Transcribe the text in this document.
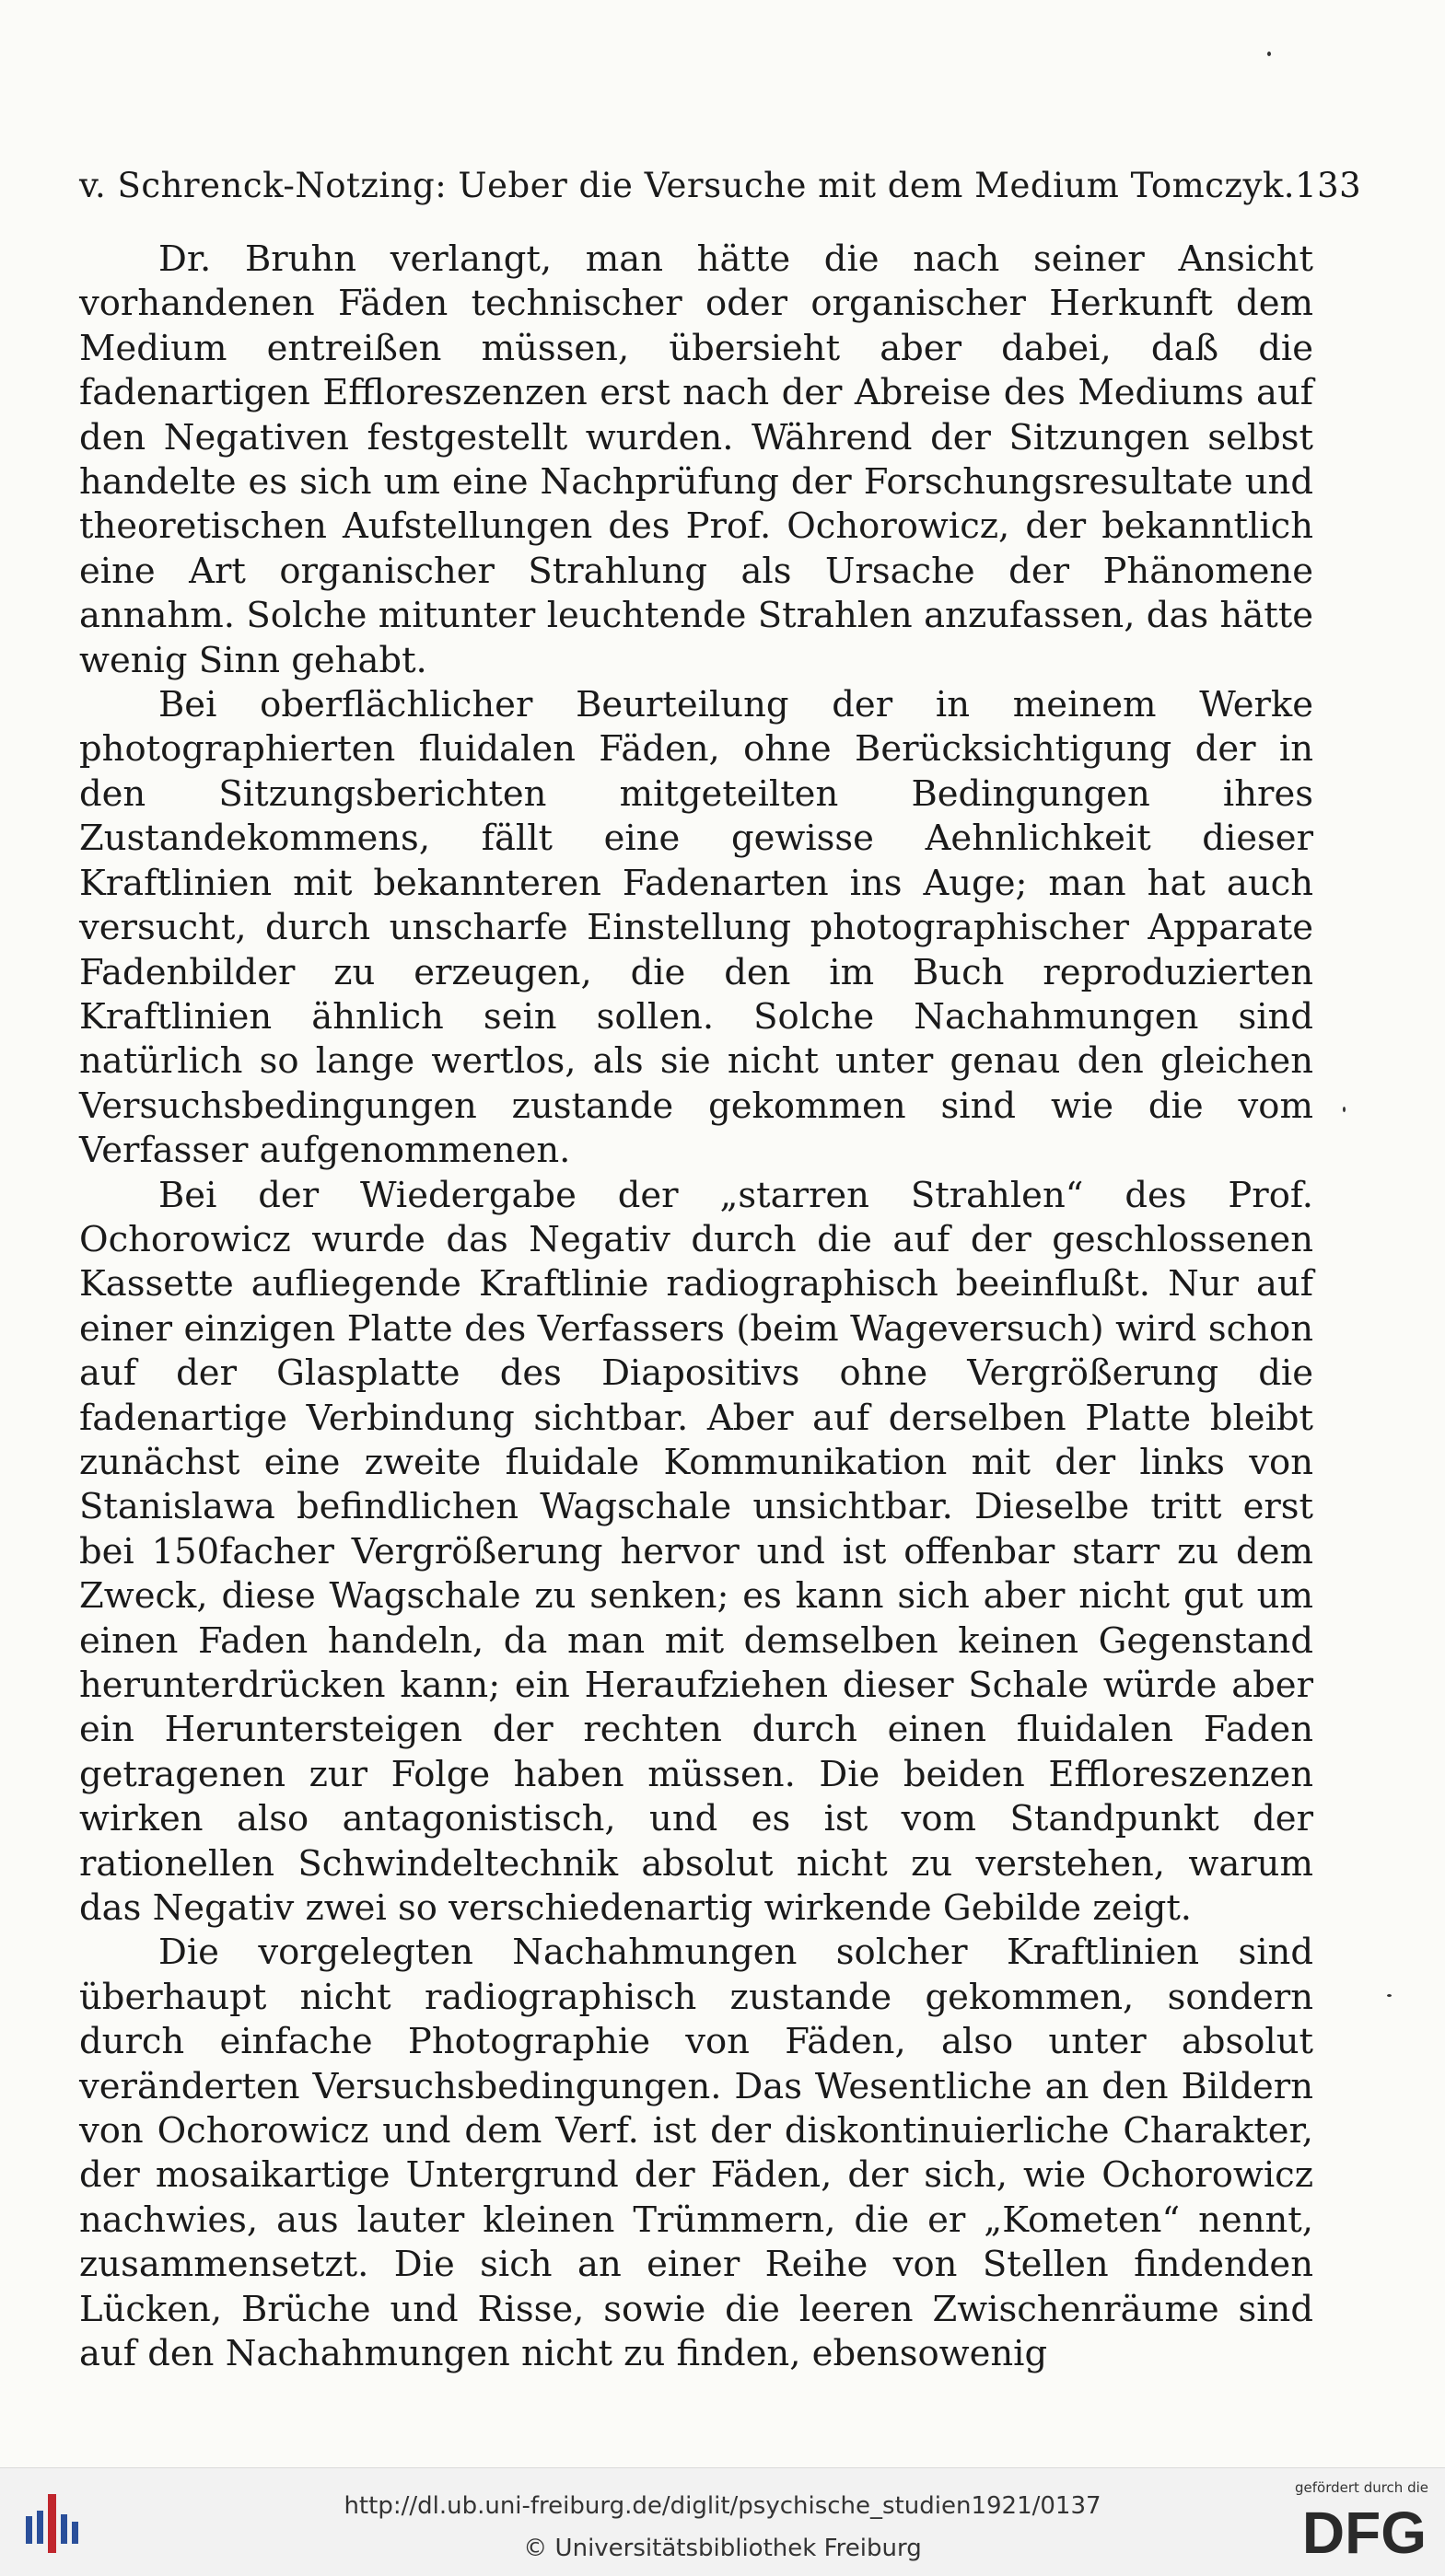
v. Schrenck-Notzing: Ueber die Versuche mit dem Medium Tomczyk. 133

Dr. Bruhn verlangt, man hätte die nach seiner Ansicht vorhandenen Fäden technischer oder organischer Herkunft dem Medium entreißen müssen, übersieht aber dabei, daß die fadenartigen Effloreszenzen erst nach der Abreise des Mediums auf den Negativen festgestellt wurden. Während der Sitzungen selbst handelte es sich um eine Nachprüfung der Forschungsresultate und theoretischen Aufstellungen des Prof. Ochorowicz, der bekanntlich eine Art organischer Strahlung als Ursache der Phänomene annahm. Solche mitunter leuchtende Strahlen anzufassen, das hätte wenig Sinn gehabt.

Bei oberflächlicher Beurteilung der in meinem Werke photographierten fluidalen Fäden, ohne Berücksichtigung der in den Sitzungsberichten mitgeteilten Bedingungen ihres Zustandekommens, fällt eine gewisse Aehnlichkeit dieser Kraftlinien mit bekannteren Fadenarten ins Auge; man hat auch versucht, durch unscharfe Einstellung photographischer Apparate Fadenbilder zu erzeugen, die den im Buch reproduzierten Kraftlinien ähnlich sein sollen. Solche Nachahmungen sind natürlich so lange wertlos, als sie nicht unter genau den gleichen Versuchsbedingungen zustande gekommen sind wie die vom Verfasser aufgenommenen.

Bei der Wiedergabe der „starren Strahlen“ des Prof. Ochorowicz wurde das Negativ durch die auf der geschlossenen Kassette aufliegende Kraftlinie radiographisch beeinflußt. Nur auf einer einzigen Platte des Verfassers (beim Wageversuch) wird schon auf der Glasplatte des Diapositivs ohne Vergrößerung die fadenartige Verbindung sichtbar. Aber auf derselben Platte bleibt zunächst eine zweite fluidale Kommunikation mit der links von Stanislawa befindlichen Wagschale unsichtbar. Dieselbe tritt erst bei 150facher Vergrößerung hervor und ist offenbar starr zu dem Zweck, diese Wagschale zu senken; es kann sich aber nicht gut um einen Faden handeln, da man mit demselben keinen Gegenstand herunterdrücken kann; ein Heraufziehen dieser Schale würde aber ein Heruntersteigen der rechten durch einen fluidalen Faden getragenen zur Folge haben müssen. Die beiden Effloreszenzen wirken also antagonistisch, und es ist vom Standpunkt der rationellen Schwindeltechnik absolut nicht zu verstehen, warum das Negativ zwei so verschiedenartig wirkende Gebilde zeigt.

Die vorgelegten Nachahmungen solcher Kraftlinien sind überhaupt nicht radiographisch zustande gekommen, sondern durch einfache Photographie von Fäden, also unter absolut veränderten Versuchsbedingungen. Das Wesentliche an den Bildern von Ochorowicz und dem Verf. ist der diskontinuierliche Charakter, der mosaikartige Untergrund der Fäden, der sich, wie Ochorowicz nachwies, aus lauter kleinen Trümmern, die er „Kometen“ nennt, zusammensetzt. Die sich an einer Reihe von Stellen findenden Lücken, Brüche und Risse, sowie die leeren Zwischenräume sind auf den Nachahmungen nicht zu finden, ebensowenig

http://dl.ub.uni-freiburg.de/diglit/psychische_studien1921/0137
© Universitätsbibliothek Freiburg
gefördert durch die
DFG
